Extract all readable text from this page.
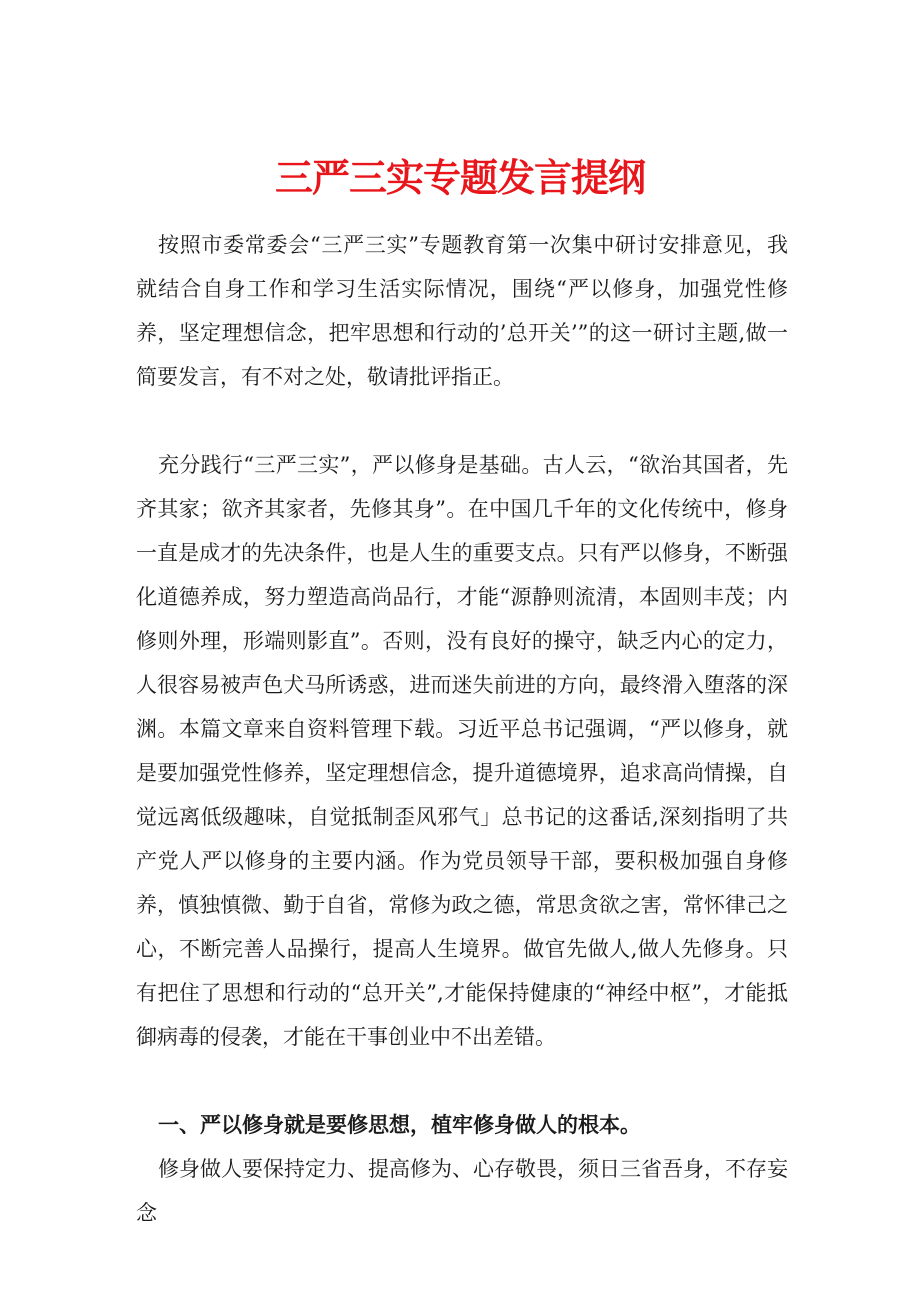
三严三实专题发言提纲

按照市委常委会“三严三实”专题教育第一次集中研讨安排意见，我就结合自身工作和学习生活实际情况，围绕“严以修身，加强党性修养，坚定理想信念，把牢思想和行动的’总开关’”的这一研讨主题,做一简要发言，有不对之处，敬请批评指正。

充分践行“三严三实”，严以修身是基础。古人云，“欲治其国者，先齐其家；欲齐其家者，先修其身”。在中国几千年的文化传统中，修身一直是成才的先决条件，也是人生的重要支点。只有严以修身，不断强化道德养成，努力塑造高尚品行，才能“源静则流清，本固则丰茂；内修则外理，形端则影直”。否则，没有良好的操守，缺乏内心的定力，人很容易被声色犬马所诱惑，进而迷失前进的方向，最终滑入堕落的深渊。本篇文章来自资料管理下载。习近平总书记强调，“严以修身，就是要加强党性修养，坚定理想信念，提升道德境界，追求高尚情操，自觉远离低级趣味，自觉抵制歪风邪气」总书记的这番话,深刻指明了共产党人严以修身的主要内涵。作为党员领导干部，要积极加强自身修养，慎独慎微、勤于自省，常修为政之德，常思贪欲之害，常怀律己之心，不断完善人品操行，提高人生境界。做官先做人,做人先修身。只有把住了思想和行动的“总开关”,才能保持健康的“神经中枢”，才能抵御病毒的侵袭，才能在干事创业中不出差错。

一、严以修身就是要修思想，植牢修身做人的根本。

修身做人要保持定力、提高修为、心存敬畏，须日三省吾身，不存妄念
